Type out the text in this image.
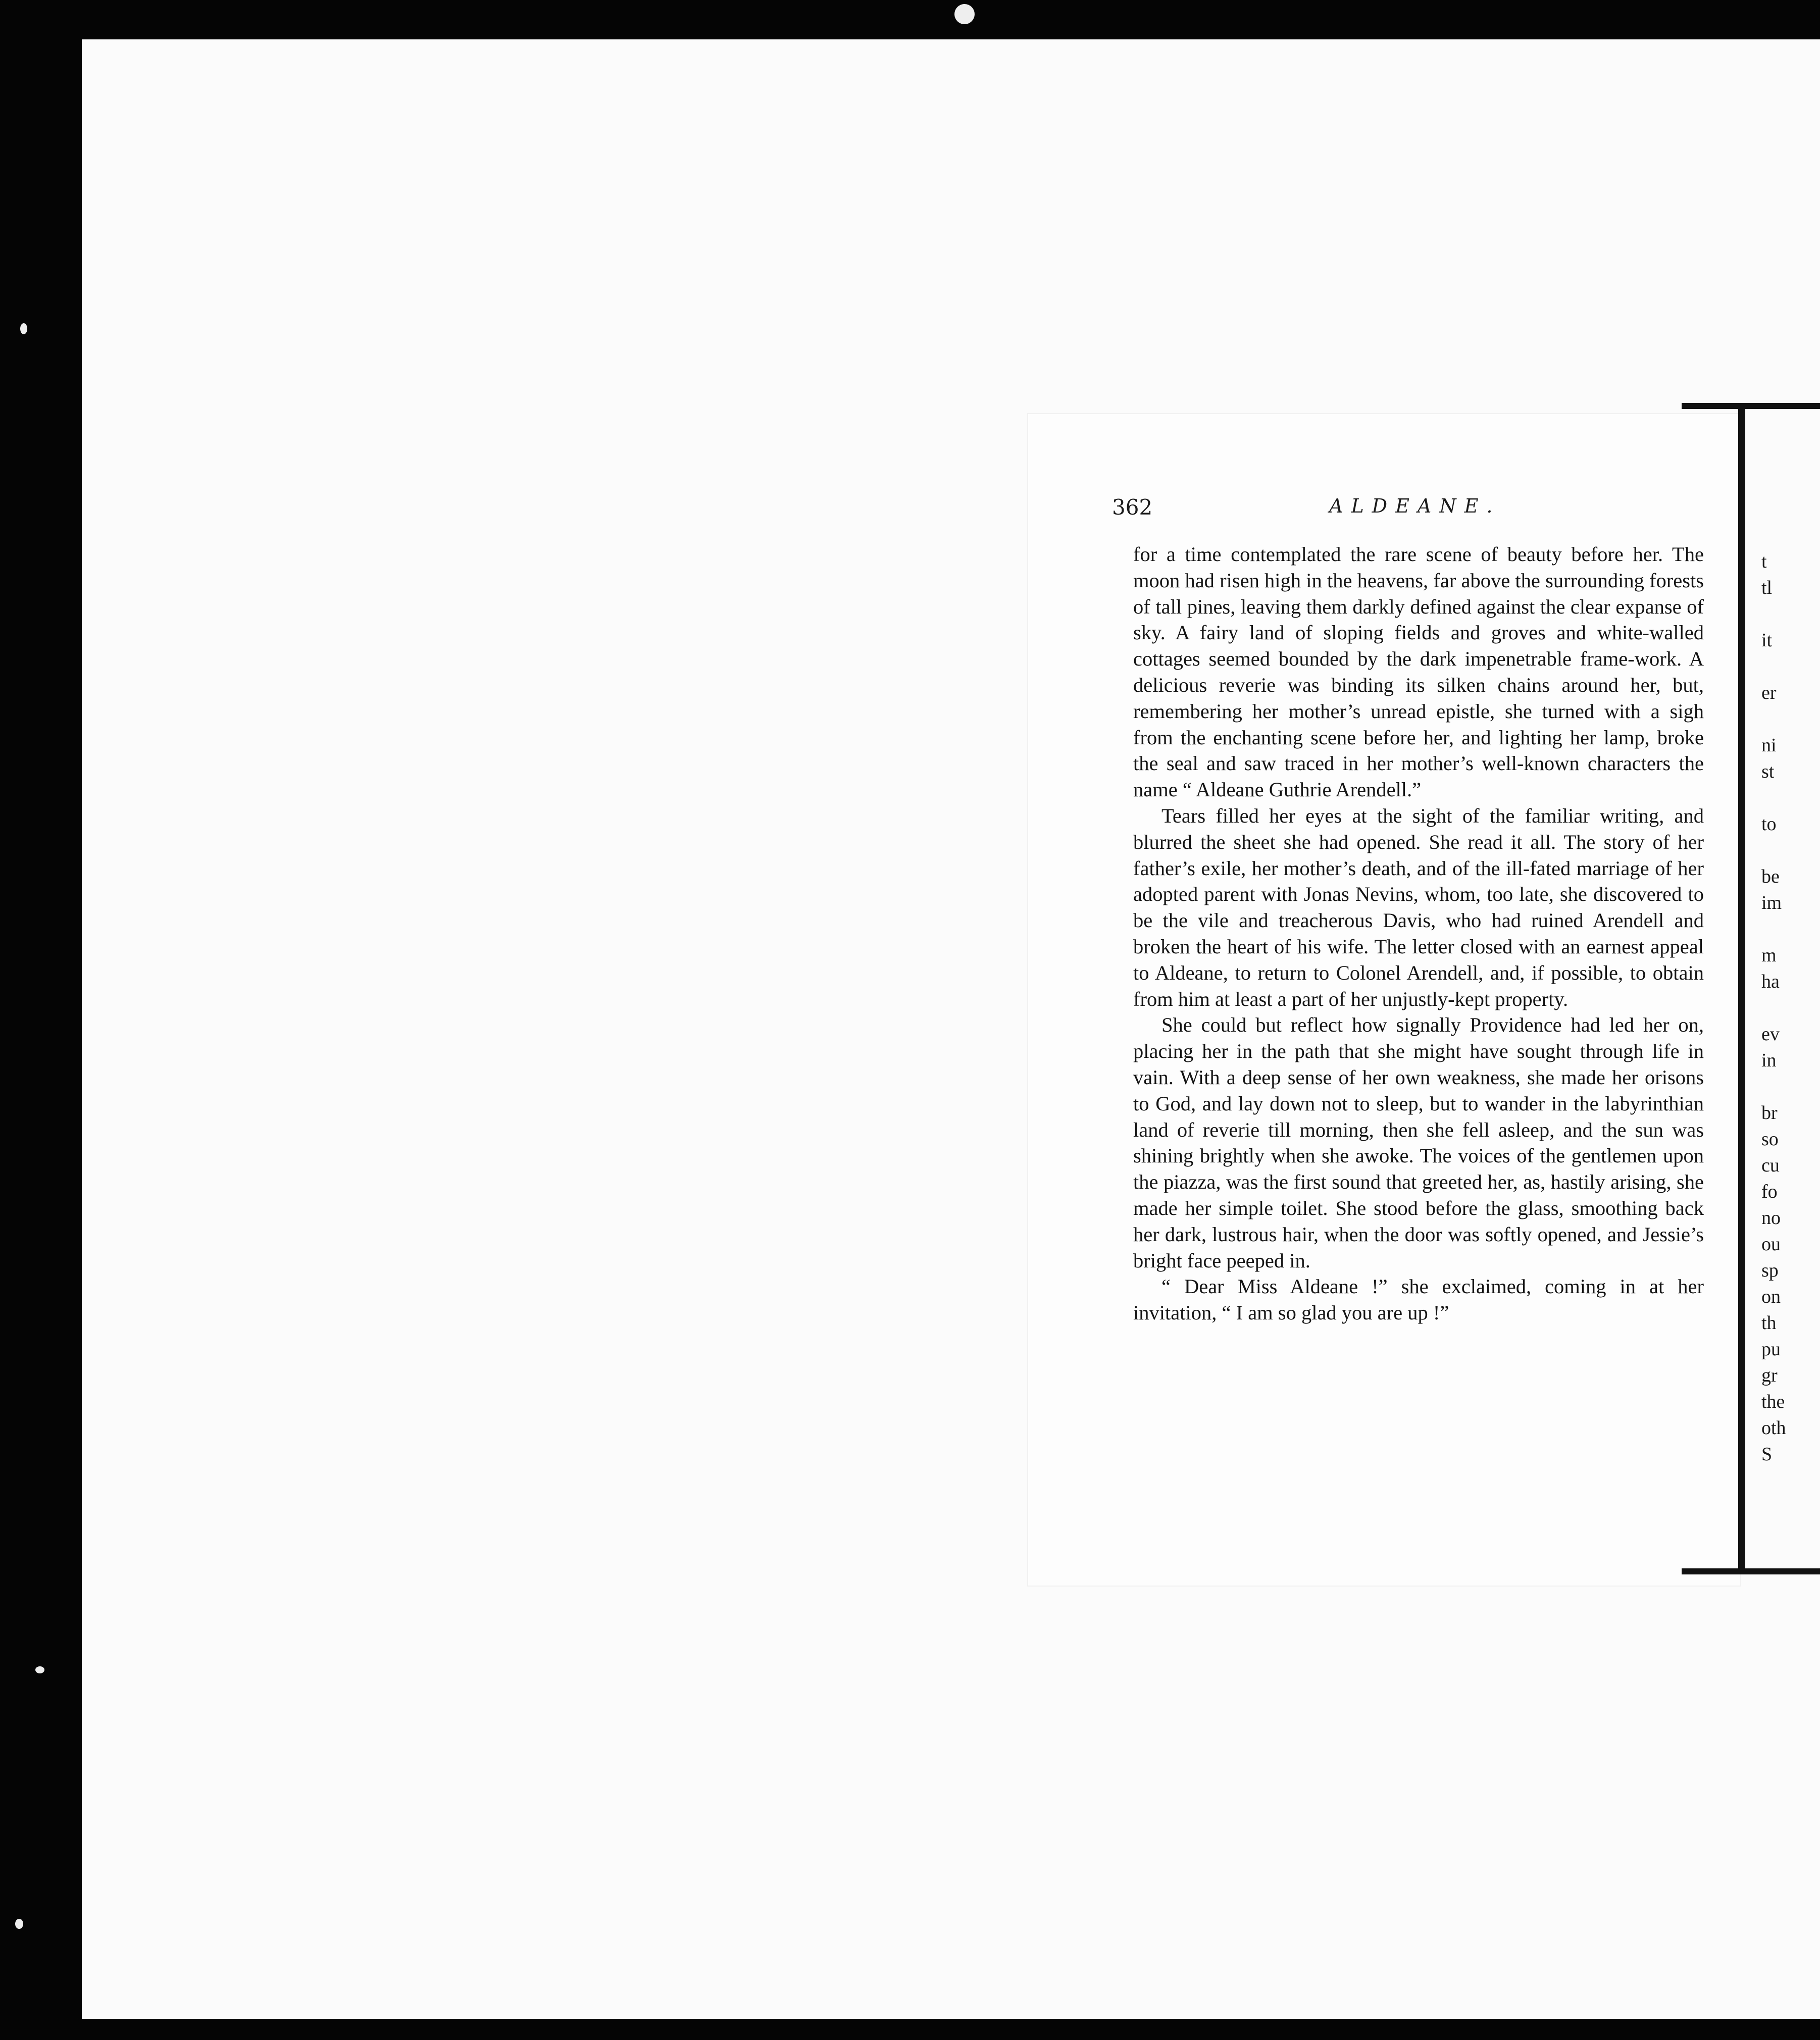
362	ALDEANE.

for a time contemplated the rare scene of beauty before her. The moon had risen high in the heavens, far above the surrounding forests of tall pines, leaving them darkly defined against the clear expanse of sky. A fairy land of sloping fields and groves and white-walled cottages seemed bounded by the dark impenetrable frame-work. A delicious reverie was binding its silken chains around her, but, remembering her mother’s unread epistle, she turned with a sigh from the enchanting scene before her, and lighting her lamp, broke the seal and saw traced in her mother’s well-known characters the name “ Aldeane Guthrie Arendell.”

Tears filled her eyes at the sight of the familiar writing, and blurred the sheet she had opened. She read it all. The story of her father’s exile, her mother’s death, and of the ill-fated marriage of her adopted parent with Jonas Nevins, whom, too late, she discovered to be the vile and treacherous Davis, who had ruined Arendell and broken the heart of his wife. The letter closed with an earnest appeal to Aldeane, to return to Colonel Arendell, and, if possible, to obtain from him at least a part of her unjustly-kept property.

She could but reflect how signally Providence had led her on, placing her in the path that she might have sought through life in vain. With a deep sense of her own weakness, she made her orisons to God, and lay down not to sleep, but to wander in the labyrinthian land of reverie till morning, then she fell asleep, and the sun was shining brightly when she awoke. The voices of the gentlemen upon the piazza, was the first sound that greeted her, as, hastily arising, she made her simple toilet. She stood before the glass, smoothing back her dark, lustrous hair, when the door was softly opened, and Jessie’s bright face peeped in.

“ Dear Miss Aldeane !” she exclaimed, coming in at her invitation, “ I am so glad you are up !”

t
tl
it
er
ni
st
to
be
im
m
ha
ev
in
br
so
cu
fo
no
ou
sp
on
th
pu
gr
the
oth
S
